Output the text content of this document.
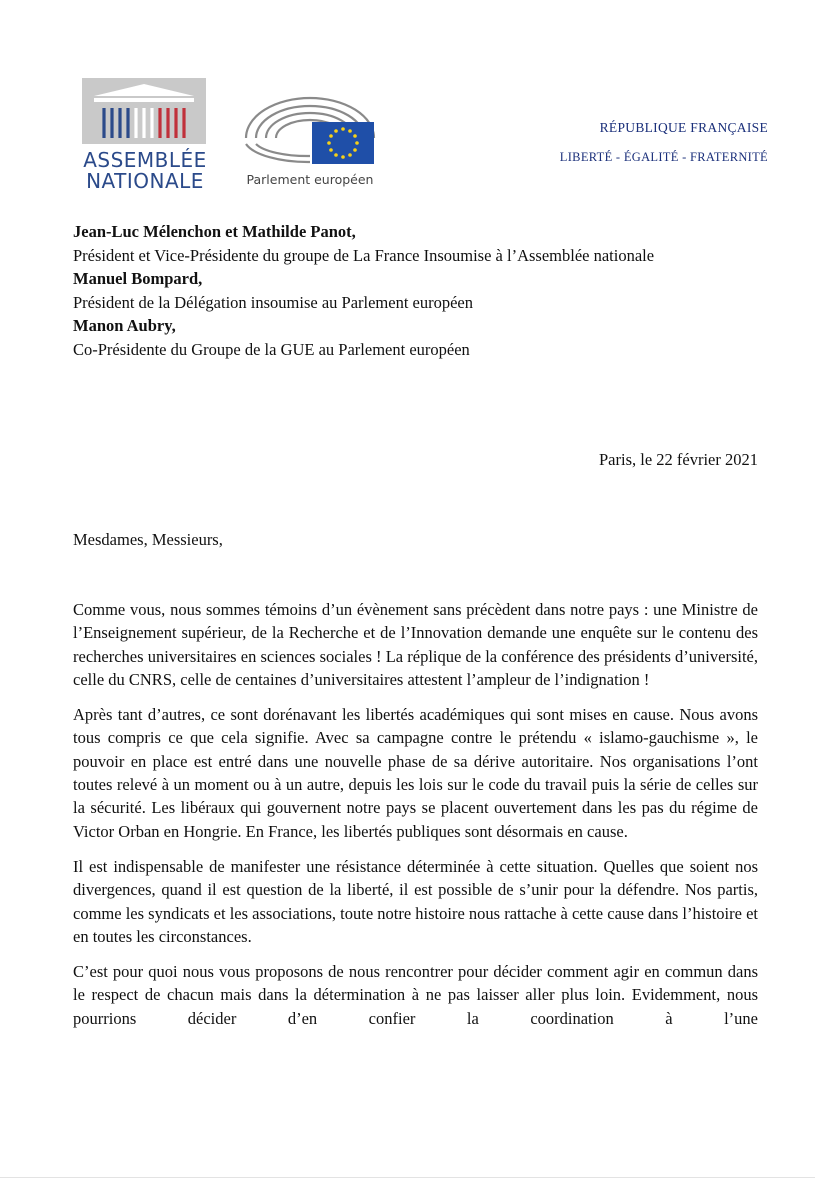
ASSEMBLÉE
NATIONALE	Parlement européen
RÉPUBLIQUE FRANÇAISE
LIBERTÉ - ÉGALITÉ - FRATERNITÉ
Jean-Luc Mélenchon et Mathilde Panot,
Président et Vice-Présidente du groupe de La France Insoumise à l’Assemblée nationale
Manuel Bompard,
Président de la Délégation insoumise au Parlement européen
Manon Aubry,
Co-Présidente du Groupe de la GUE au Parlement européen
Paris, le 22 février 2021
Mesdames, Messieurs,

Comme vous, nous sommes témoins d’un évènement sans précèdent dans notre pays : une Ministre de l’Enseignement supérieur, de la Recherche et de l’Innovation demande une enquête sur le contenu des recherches universitaires en sciences sociales ! La réplique de la conférence des présidents d’université, celle du CNRS, celle de centaines d’universitaires attestent l’ampleur de l’indignation !

Après tant d’autres, ce sont dorénavant les libertés académiques qui sont mises en cause. Nous avons tous compris ce que cela signifie. Avec sa campagne contre le prétendu « islamo-gauchisme », le pouvoir en place est entré dans une nouvelle phase de sa dérive autoritaire. Nos organisations l’ont toutes relevé à un moment ou à un autre, depuis les lois sur le code du travail puis la série de celles sur la sécurité. Les libéraux qui gouvernent notre pays se placent ouvertement dans les pas du régime de Victor Orban en Hongrie. En France, les libertés publiques sont désormais en cause.

Il est indispensable de manifester une résistance déterminée à cette situation. Quelles que soient nos divergences, quand il est question de la liberté, il est possible de s’unir pour la défendre. Nos partis, comme les syndicats et les associations, toute notre histoire nous rattache à cette cause dans l’histoire et en toutes les circonstances.

C’est pour quoi nous vous proposons de nous rencontrer pour décider comment agir en commun dans le respect de chacun mais dans la détermination à ne pas laisser aller plus loin. Evidemment, nous pourrions décider d’en confier la coordination à l’une
